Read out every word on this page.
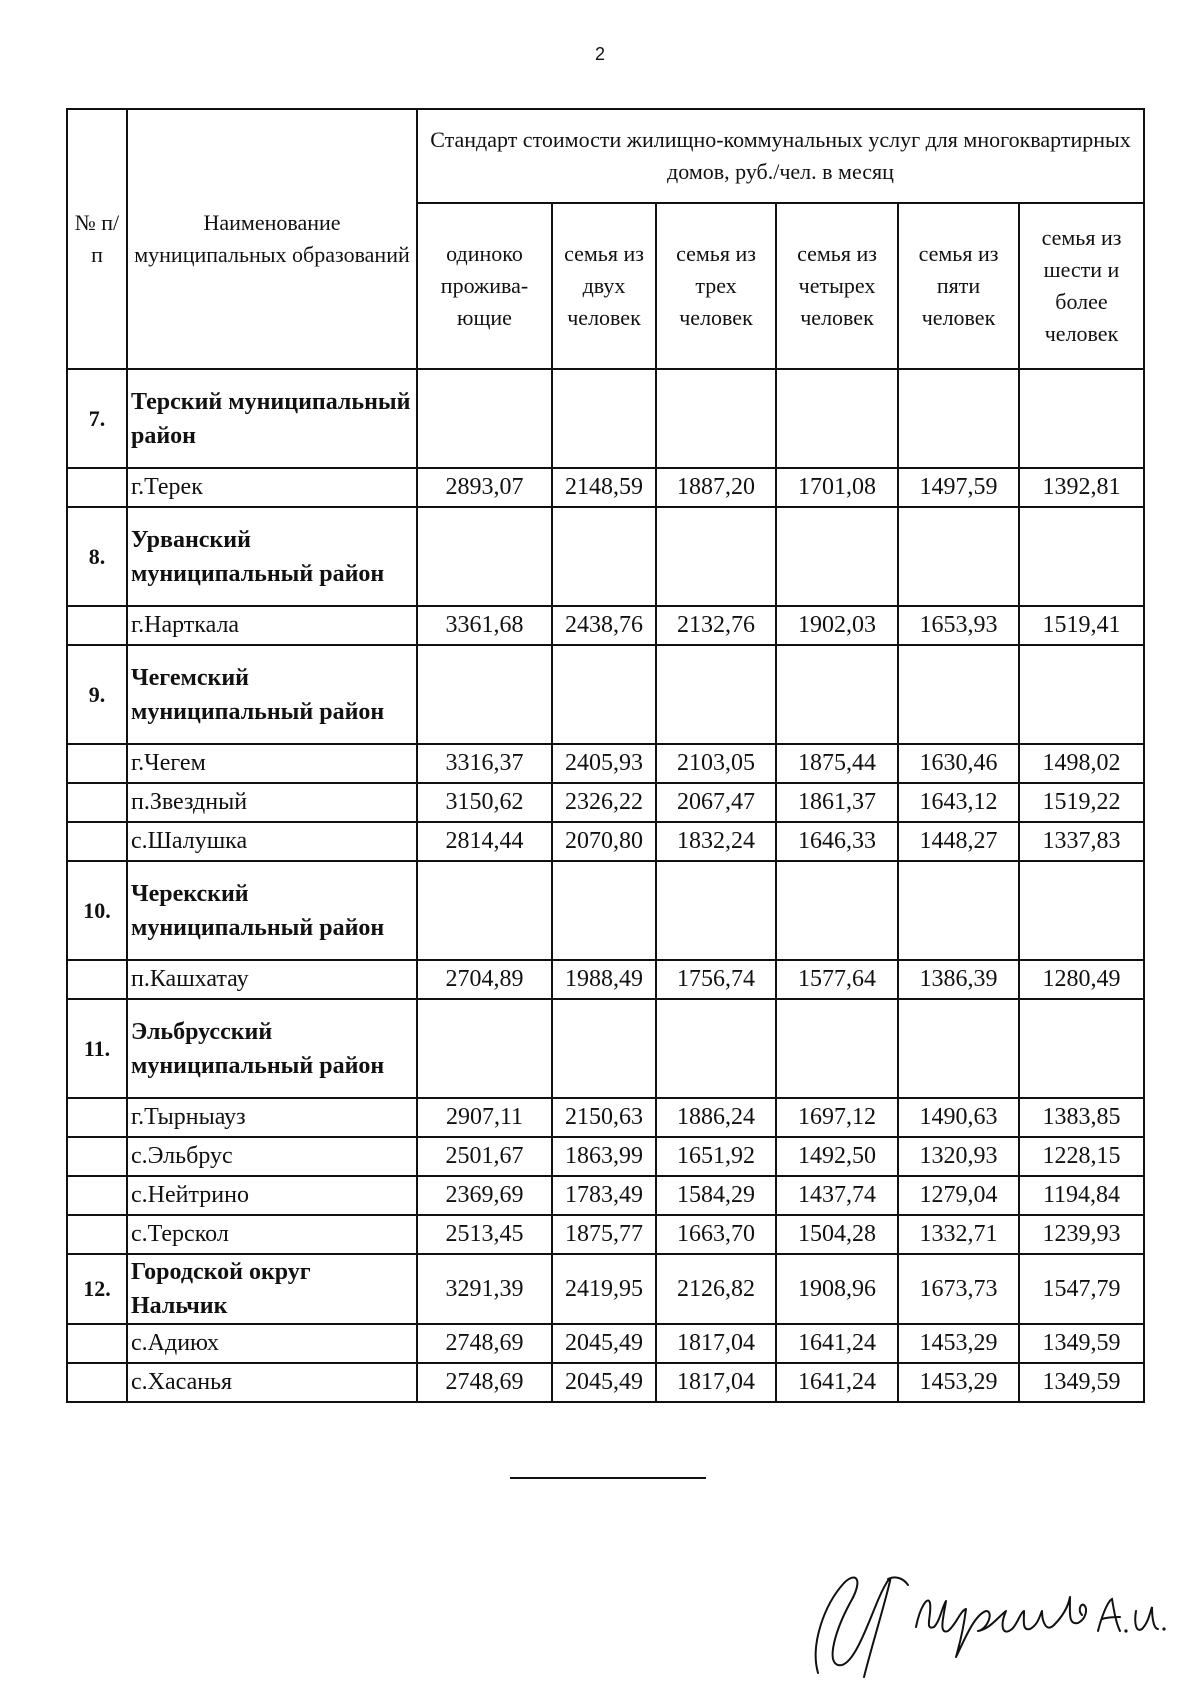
2
№ п/п	Наименование муниципальных образований	Стандарт стоимости жилищно-коммунальных услуг для многоквартирных домов, руб./чел. в месяц					
		одиноко прожива-ющие	семья из двух человек	семья из трех человек	семья из четырех человек	семья из пяти человек	семья из шести и более человек
7.	Терский муниципальный район						
	г.Терек	2893,07	2148,59	1887,20	1701,08	1497,59	1392,81
8.	Урванский муниципальный район						
	г.Нарткала	3361,68	2438,76	2132,76	1902,03	1653,93	1519,41
9.	Чегемский муниципальный район						
	г.Чегем	3316,37	2405,93	2103,05	1875,44	1630,46	1498,02
	п.Звездный	3150,62	2326,22	2067,47	1861,37	1643,12	1519,22
	с.Шалушка	2814,44	2070,80	1832,24	1646,33	1448,27	1337,83
10.	Черекский муниципальный район						
	п.Кашхатау	2704,89	1988,49	1756,74	1577,64	1386,39	1280,49
11.	Эльбрусский муниципальный район						
	г.Тырныауз	2907,11	2150,63	1886,24	1697,12	1490,63	1383,85
	с.Эльбрус	2501,67	1863,99	1651,92	1492,50	1320,93	1228,15
	с.Нейтрино	2369,69	1783,49	1584,29	1437,74	1279,04	1194,84
	с.Терскол	2513,45	1875,77	1663,70	1504,28	1332,71	1239,93
12.	Городской округ Нальчик	3291,39	2419,95	2126,82	1908,96	1673,73	1547,79
	с.Адиюх	2748,69	2045,49	1817,04	1641,24	1453,29	1349,59
	с.Хасанья	2748,69	2045,49	1817,04	1641,24	1453,29	1349,59
